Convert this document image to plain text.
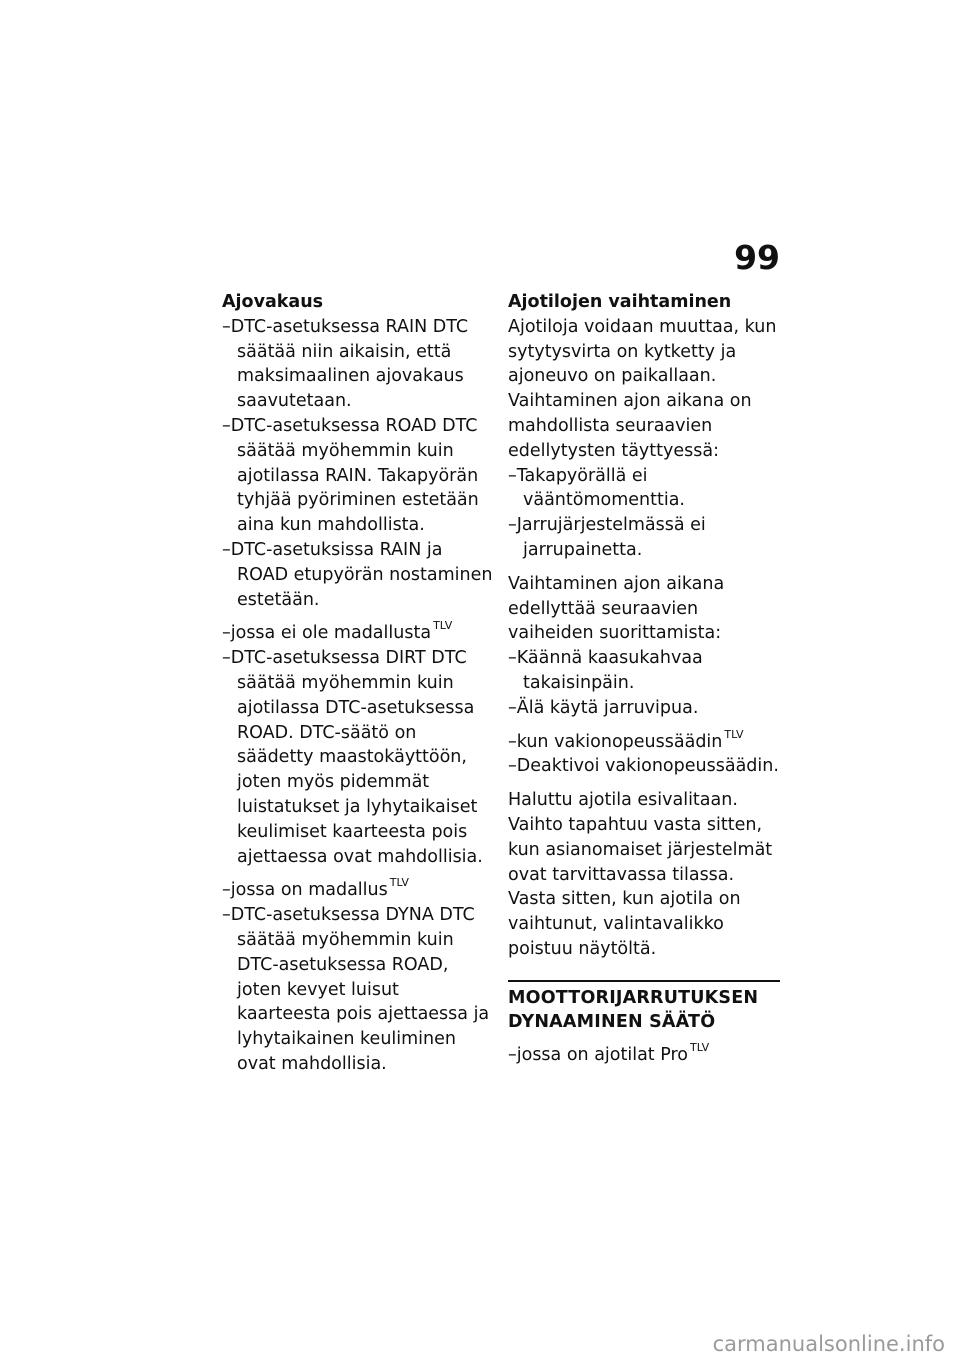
99
Ajovakaus
–DTC-asetuksessa RAIN DTC säätää niin aikaisin, että maksimaalinen ajovakaus saavutetaan.
–DTC-asetuksessa ROAD DTC säätää myöhemmin kuin ajotilassa RAIN. Takapyörän tyhjää pyöriminen estetään aina kun mahdollista.
–DTC-asetuksissa RAIN ja ROAD etupyörän nostaminen estetään.
–jossa ei ole madallusta $^{TLV}$
–DTC-asetuksessa DIRT DTC säätää myöhemmin kuin ajotilassa DTC-asetuksessa ROAD. DTC-säätö on säädetty maastokäyttöön, joten myös pidemmät luistatukset ja lyhytaikaiset keulimiset kaarteesta pois ajettaessa ovat mahdollisia.
–jossa on madallus $^{TLV}$
–DTC-asetuksessa DYNA DTC säätää myöhemmin kuin DTC-asetuksessa ROAD, joten kevyet luisut kaarteesta pois ajettaessa ja lyhytaikainen keuliminen ovat mahdollisia.
Ajotilojen vaihtaminen
Ajotiloja voidaan muuttaa, kun sytytysvirta on kytketty ja ajoneuvo on paikallaan. Vaihtaminen ajon aikana on mahdollista seuraavien edellytysten täyttyessä:
–Takapyörällä ei vääntömomenttia.
–Jarrujärjestelmässä ei jarrupainetta.
Vaihtaminen ajon aikana edellyttää seuraavien vaiheiden suorittamista:
–Käännä kaasukahvaa takaisinpäin.
–Älä käytä jarruvipua.
–kun vakionopeussäädin $^{TLV}$
–Deaktivoi vakionopeussäädin.
Haluttu ajotila esivalitaan.
Vaihto tapahtuu vasta sitten, kun asianomaiset järjestelmät ovat tarvittavassa tilassa.
Vasta sitten, kun ajotila on vaihtunut, valintavalikko poistuu näytöltä.
MOOTTORIJARRUTUKSEN DYNAAMINEN SÄÄTÖ
–jossa on ajotilat Pro $^{TLV}$
carmanualsonline.info
